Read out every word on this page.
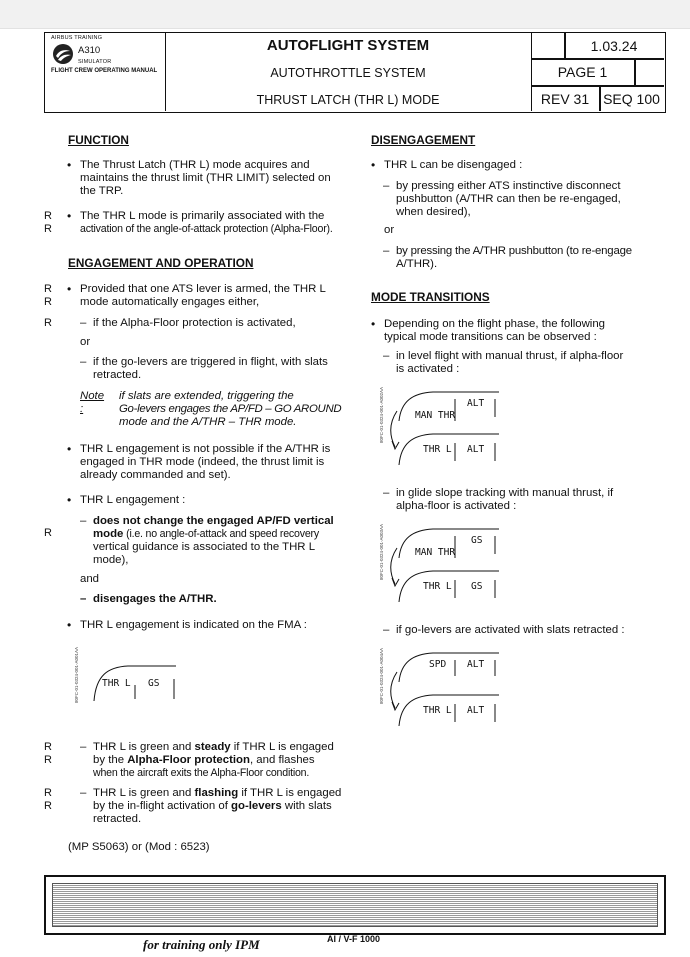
AIRBUS TRAINING
A310
SIMULATOR
FLIGHT CREW OPERATING MANUAL
AUTOFLIGHT SYSTEM
AUTOTHROTTLE SYSTEM
THRUST LATCH (THR L) MODE
1.03.24
PAGE 1
REV 31 SEQ 100
FUNCTION
• The Thrust Latch (THR L) mode acquires and
maintains the thrust limit (THR LIMIT) selected on
the TRP.
R
R
• The THR L mode is primarily associated with the
activation of the angle-of-attack protection (Alpha-Floor).
ENGAGEMENT AND OPERATION
R
R
• Provided that one ATS lever is armed, the THR L
mode automatically engages either,
R
–	if the Alpha-Floor protection is activated,
or
– if the go-levers are triggered in flight, with slats
retracted.
Note :
if slats are extended, triggering the
Go-levers engages the AP/FD – GO AROUND
mode and the A/THR – THR mode.
• THR L engagement is not possible if the A/THR is
engaged in THR mode (indeed, the thrust limit is
already commanded and set).
• THR L engagement :
R
– does not change the engaged AP/FD vertical
mode (i.e. no angle-of-attack and speed recovery
vertical guidance is associated to the THR L
mode),
and
– disengages the A/THR.
• THR L engagement is indicated on the FMA :
80FC-01-0324-001-A001AA	THR L GS
R
R
– THR L is green and steady if THR L is engaged
by the Alpha-Floor protection, and flashes
when the aircraft exits the Alpha-Floor condition.
R
R
– THR L is green and flashing if THR L is engaged
by the in-flight activation of go-levers with slats
retracted.
(MP S5063) or (Mod : 6523)
DISENGAGEMENT
• THR L can be disengaged :
– by pressing either ATS instinctive disconnect
pushbutton (A/THR can then be re-engaged,
when desired),
or
– by pressing the A/THR pushbutton (to re-engage
A/THR).
MODE TRANSITIONS
• Depending on the flight phase, the following
typical mode transitions can be observed :
– in level flight with manual thrust, if alpha-floor
is activated :
80FC-01-0324-001-A002AA	MAN THR
ALT
THR L ALT
– in glide slope tracking with manual thrust, if
alpha-floor is activated :
80FC-01-0324-001-A003AA	MAN THR
GS
THR L GS
– if go-levers are activated with slats retracted :
80FC-01-0324-001-A004AA	SPD ALT
THR L ALT
for training only IPM	AI / V-F 1000
